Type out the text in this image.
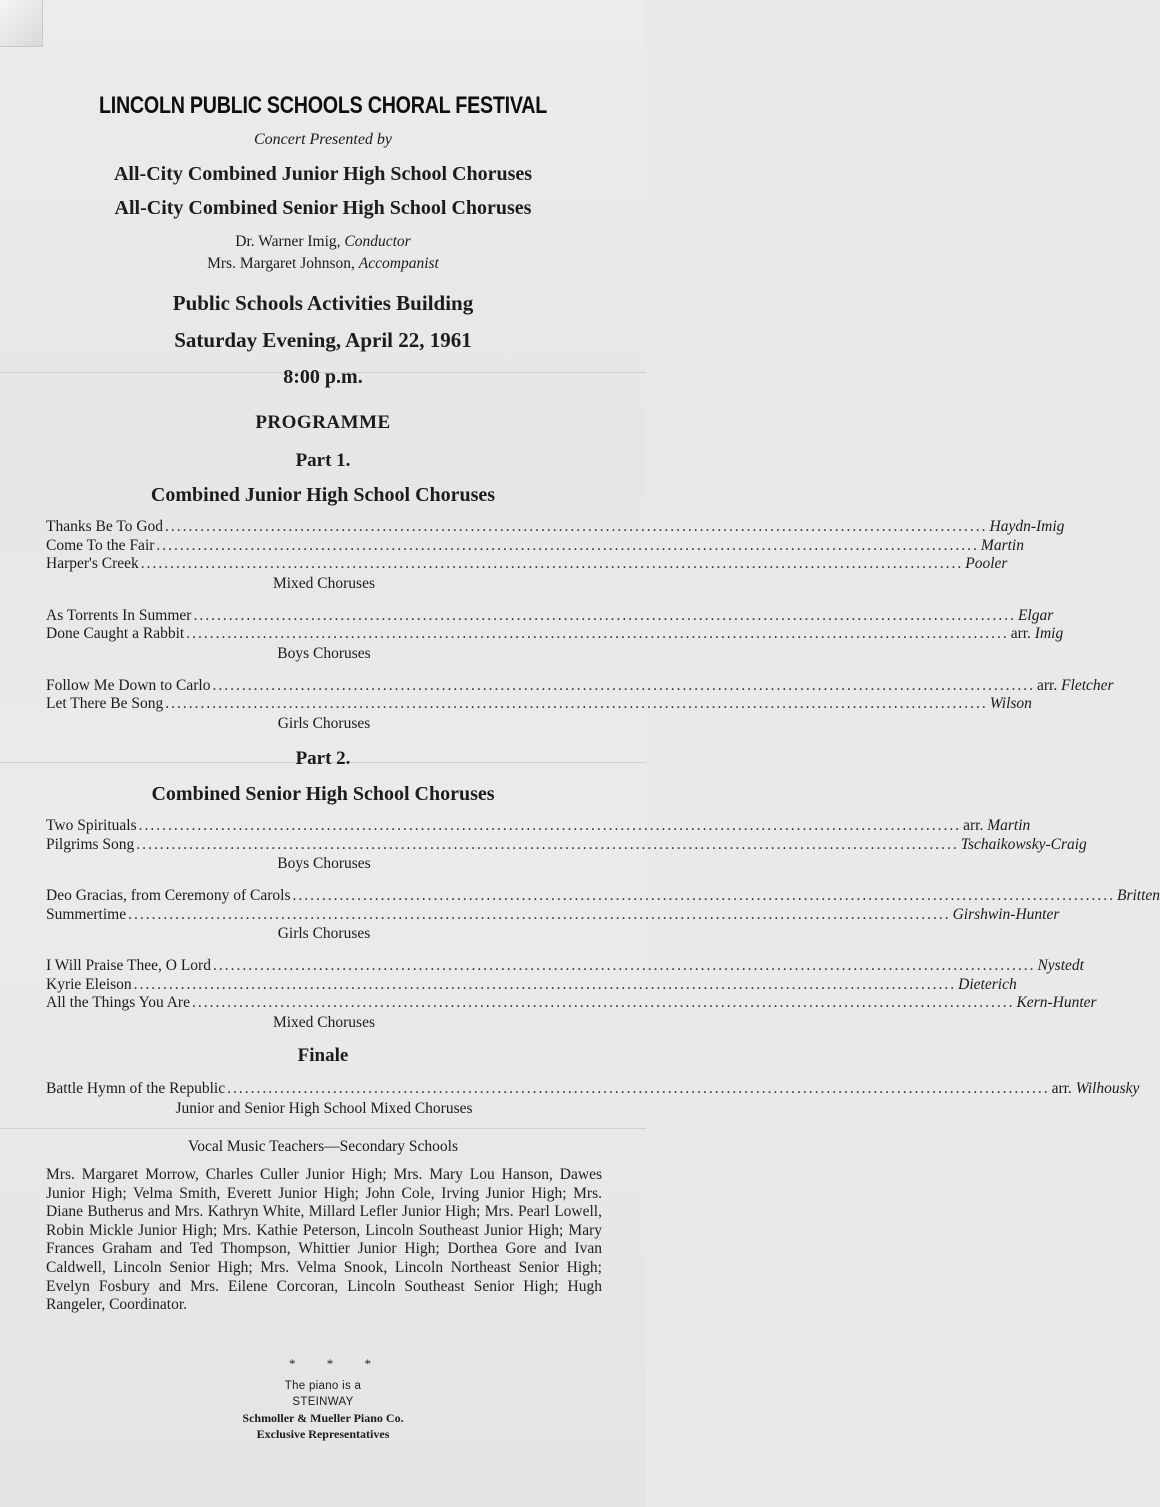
LINCOLN PUBLIC SCHOOLS CHORAL FESTIVAL
Concert Presented by
All-City Combined Junior High School Choruses
All-City Combined Senior High School Choruses
Dr. Warner Imig, Conductor
Mrs. Margaret Johnson, Accompanist
Public Schools Activities Building
Saturday Evening, April 22, 1961
8:00 p.m.
PROGRAMME
Part 1.
Combined Junior High School Choruses
Thanks Be To God ............................................................................................................................................ Haydn-Imig
Come To the Fair ............................................................................................................................................ Martin
Harper's Creek ............................................................................................................................................ Pooler
Mixed Choruses
As Torrents In Summer ............................................................................................................................................ Elgar
Done Caught a Rabbit ............................................................................................................................................ arr. Imig
Boys Choruses
Follow Me Down to Carlo ............................................................................................................................................ arr. Fletcher
Let There Be Song ............................................................................................................................................ Wilson
Girls Choruses
Part 2.
Combined Senior High School Choruses
Two Spirituals ............................................................................................................................................ arr. Martin
Pilgrims Song ............................................................................................................................................ Tschaikowsky-Craig
Boys Choruses
Deo Gracias, from Ceremony of Carols ............................................................................................................................................ Britten
Summertime ............................................................................................................................................ Girshwin-Hunter
Girls Choruses
I Will Praise Thee, O Lord ............................................................................................................................................ Nystedt
Kyrie Eleison ............................................................................................................................................ Dieterich
All the Things You Are ............................................................................................................................................ Kern-Hunter
Mixed Choruses
Finale
Battle Hymn of the Republic ............................................................................................................................................ arr. Wilhousky
Junior and Senior High School Mixed Choruses
Vocal Music Teachers—Secondary Schools
Mrs. Margaret Morrow, Charles Culler Junior High; Mrs. Mary Lou Hanson, Dawes Junior High; Velma Smith, Everett Junior High; John Cole, Irving Junior High; Mrs. Diane Butherus and Mrs. Kathryn White, Millard Lefler Junior High; Mrs. Pearl Lowell, Robin Mickle Junior High; Mrs. Kathie Peterson, Lincoln Southeast Junior High; Mary Frances Graham and Ted Thompson, Whittier Junior High; Dorthea Gore and Ivan Caldwell, Lincoln Senior High; Mrs. Velma Snook, Lincoln Northeast Senior High; Evelyn Fosbury and Mrs. Eilene Corcoran, Lincoln Southeast Senior High; Hugh Rangeler, Coordinator.
* * *
The piano is a
STEINWAY
Schmoller & Mueller Piano Co.
Exclusive Representatives
